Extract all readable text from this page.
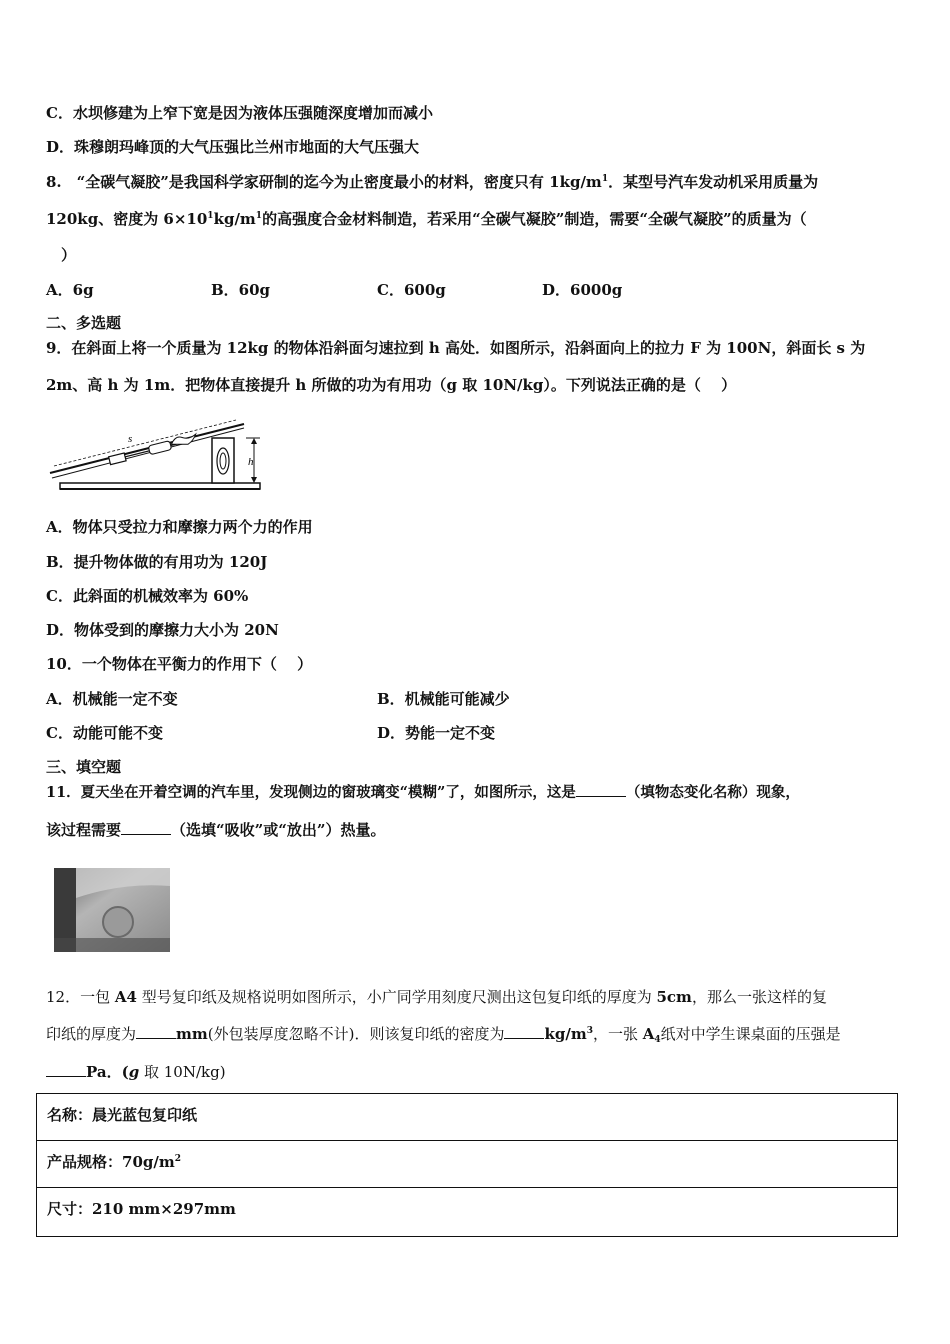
C．水坝修建为上窄下宽是因为液体压强随深度增加而减小
D．珠穆朗玛峰顶的大气压强比兰州市地面的大气压强大
8.　“全碳气凝胶”是我国科学家研制的迄今为止密度最小的材料，密度只有 $1kg/m^1$．某型号汽车发动机采用质量为
120kg、密度为 $6\times 10^1kg/m^1$的高强度合金材料制造，若采用“全碳气凝胶”制造，需要“全碳气凝胶”的质量为（
　）
A．6g	B．60g	C．600g	D．6000g
二、多选题
9．在斜面上将一个质量为 12kg 的物体沿斜面匀速拉到 h 高处．如图所示，沿斜面向上的拉力 F 为 100N，斜面长 s 为
2m、高 h 为 1m．把物体直接提升 h 所做的功为有用功（g 取 10N/kg）。下列说法正确的是（　 ）
h
s
A．物体只受拉力和摩擦力两个力的作用
B．提升物体做的有用功为 120J
C．此斜面的机械效率为 60%
D．物体受到的摩擦力大小为 20N
10．一个物体在平衡力的作用下（　 ）
A．机械能一定不变	B．机械能可能减少
C．动能可能不变	D．势能一定不变
三、填空题
11．夏天坐在开着空调的汽车里，发现侧边的窗玻璃变“模糊”了，如图所示，这是	（填物态变化名称）现象，
该过程需要	（选填“吸收”或“放出”）热量。
12．一包 A4 型号复印纸及规格说明如图所示，小广同学用刻度尺测出这包复印纸的厚度为 5cm，那么一张这样的复
印纸的厚度为	mm(外包装厚度忽略不计)．则该复印纸的密度为	$kg/m^3$，一张 $A_4$纸对中学生课桌面的压强是
Pa．(g 取 10N/kg)
名称：晨光蓝包复印纸
产品规格：$70g/m^2$
尺寸：210 mm×297mm
